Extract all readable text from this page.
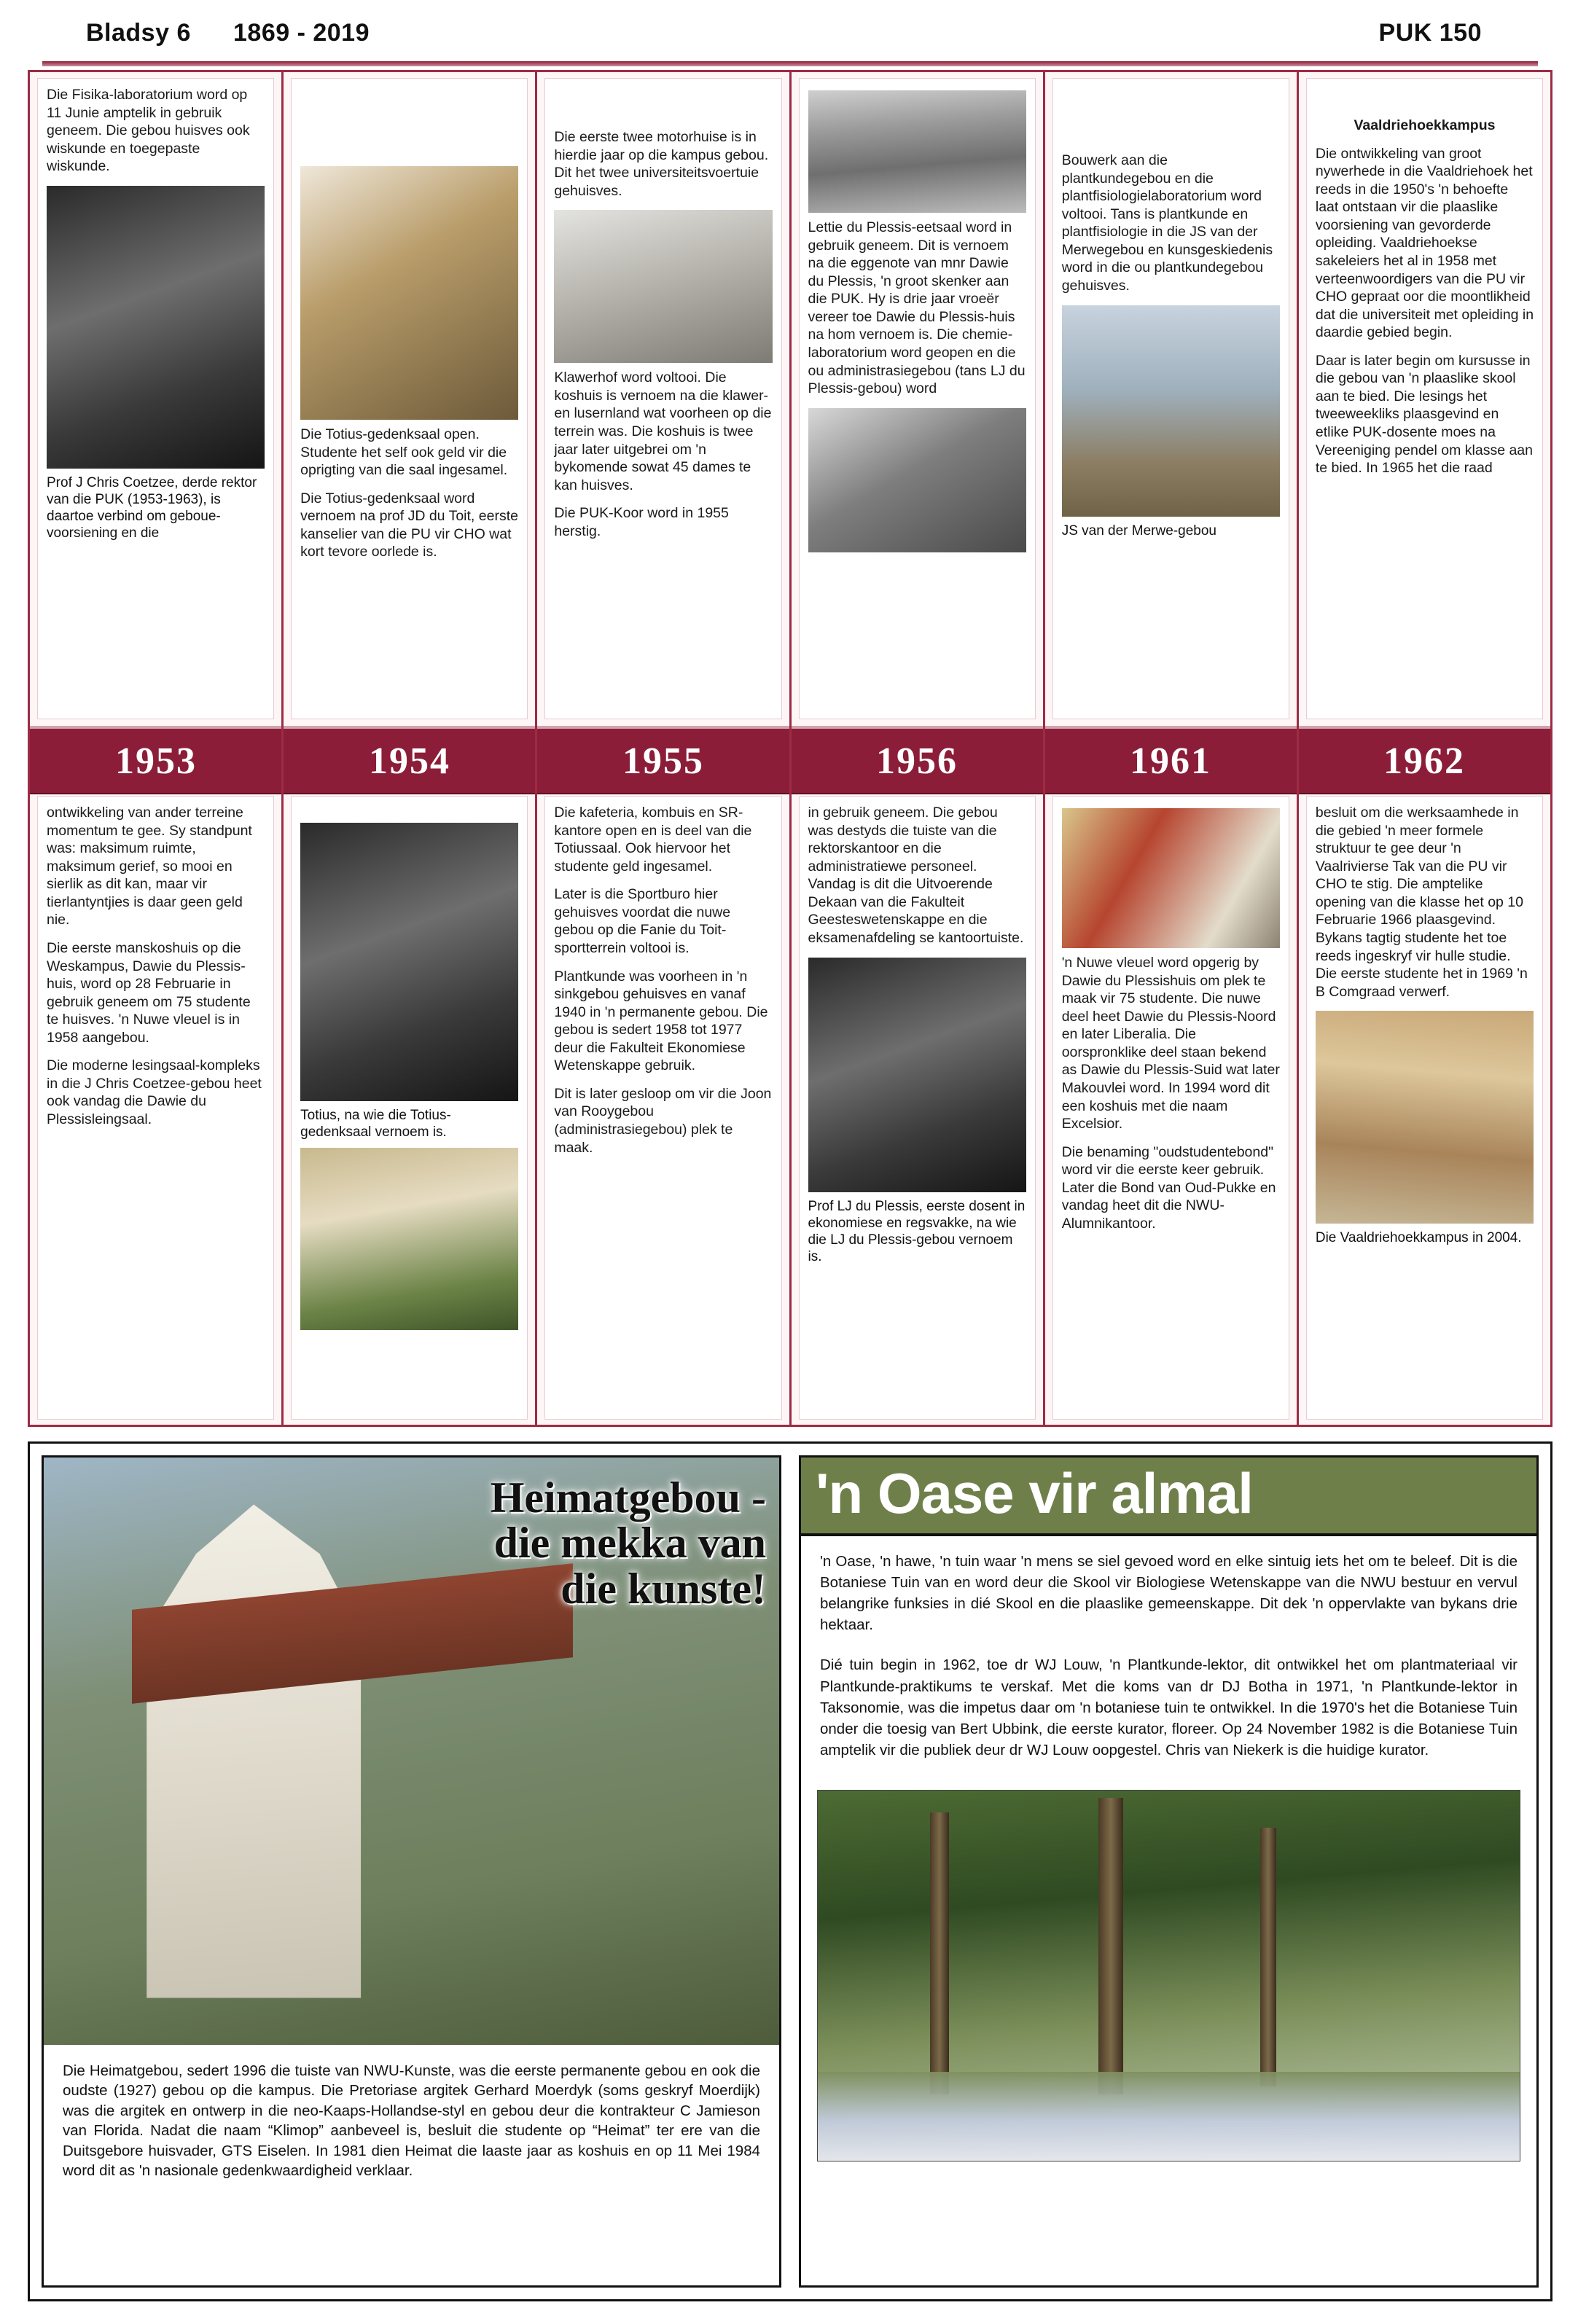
Bladsy 6 1869 - 2019	PUK 150

Die Fisika-laboratorium word op 11 Junie amptelik in gebruik geneem. Die gebou huisves ook wiskunde en toegepaste wiskunde.

Prof J Chris Coetzee, derde rektor van die PUK (1953-1963), is daartoe verbind om geboue-voorsiening en die

Die Totius-gedenksaal open. Studente het self ook geld vir die oprigting van die saal ingesamel.

Die Totius-gedenksaal word vernoem na prof JD du Toit, eerste kanselier van die PU vir CHO wat kort tevore oorlede is.

Die eerste twee motorhuise is in hierdie jaar op die kampus gebou. Dit het twee universiteitsvoertuie gehuisves.

Klawerhof word voltooi. Die koshuis is vernoem na die klawer- en lusernland wat voorheen op die terrein was. Die koshuis is twee jaar later uitgebrei om 'n bykomende sowat 45 dames te kan huisves.

Die PUK-Koor word in 1955 herstig.

Lettie du Plessis-eetsaal word in gebruik geneem. Dit is vernoem na die eggenote van mnr Dawie du Plessis, 'n groot skenker aan die PUK. Hy is drie jaar vroeër vereer toe Dawie du Plessis-huis na hom vernoem is. Die chemie-laboratorium word geopen en die ou administrasiegebou (tans LJ du Plessis-gebou) word

Bouwerk aan die plantkundegebou en die plantfisiologielaboratorium word voltooi. Tans is plantkunde en plantfisiologie in die JS van der Merwegebou en kunsgeskiedenis word in die ou plantkundegebou gehuisves.

JS van der Merwe-gebou

Vaaldriehoekkampus

Die ontwikkeling van groot nywerhede in die Vaaldriehoek het reeds in die 1950's 'n behoefte laat ontstaan vir die plaaslike voorsiening van gevorderde opleiding. Vaaldriehoekse sakeleiers het al in 1958 met verteenwoordigers van die PU vir CHO gepraat oor die moontlikheid dat die universiteit met opleiding in daardie gebied begin.

Daar is later begin om kursusse in die gebou van 'n plaaslike skool aan te bied. Die lesings het tweeweekliks plaasgevind en etlike PUK-dosente moes na Vereeniging pendel om klasse aan te bied. In 1965 het die raad

1953	1954	1955	1956	1961	1962

ontwikkeling van ander terreine momentum te gee. Sy standpunt was: maksimum ruimte, maksimum gerief, so mooi en sierlik as dit kan, maar vir tierlantyntjies is daar geen geld nie.

Die eerste manskoshuis op die Weskampus, Dawie du Plessis-huis, word op 28 Februarie in gebruik geneem om 75 studente te huisves. 'n Nuwe vleuel is in 1958 aangebou.

Die moderne lesingsaal-kompleks in die J Chris Coetzee-gebou heet ook vandag die Dawie du Plessisleingsaal.	Totius, na wie die Totius-gedenksaal vernoem is.

Die kafeteria, kombuis en SR-kantore open en is deel van die Totiussaal. Ook hiervoor het studente geld ingesamel.

Later is die Sportburo hier gehuisves voordat die nuwe gebou op die Fanie du Toit-sportterrein voltooi is.

Plantkunde was voorheen in 'n sinkgebou gehuisves en vanaf 1940 in 'n permanente gebou. Die gebou is sedert 1958 tot 1977 deur die Fakulteit Ekonomiese Wetenskappe gebruik.

Dit is later gesloop om vir die Joon van Rooygebou (administrasiegebou) plek te maak.

in gebruik geneem. Die gebou was destyds die tuiste van die rektorskantoor en die administratiewe personeel. Vandag is dit die Uitvoerende Dekaan van die Fakulteit Geesteswetenskappe en die eksamenafdeling se kantoortuiste.

Prof LJ du Plessis, eerste dosent in ekonomiese en regsvakke, na wie die LJ du Plessis-gebou vernoem is.

'n Nuwe vleuel word opgerig by Dawie du Plessishuis om plek te maak vir 75 studente. Die nuwe deel heet Dawie du Plessis-Noord en later Liberalia. Die oorspronklike deel staan bekend as Dawie du Plessis-Suid wat later Makouvlei word. In 1994 word dit een koshuis met die naam Excelsior.

Die benaming "oudstudentebond" word vir die eerste keer gebruik. Later die Bond van Oud-Pukke en vandag heet dit die NWU-Alumnikantoor.

besluit om die werksaamhede in die gebied 'n meer formele struktuur te gee deur 'n Vaalrivierse Tak van die PU vir CHO te stig. Die amptelike opening van die klasse het op 10 Februarie 1966 plaasgevind. Bykans tagtig studente het toe reeds ingeskryf vir hulle studie. Die eerste studente het in 1969 'n B Comgraad verwerf.

Die Vaaldriehoekkampus in 2004.

Heimatgebou -
die mekka van
die kunste!
Die Heimatgebou, sedert 1996 die tuiste van NWU-Kunste, was die eerste permanente gebou en ook die oudste (1927) gebou op die kampus. Die Pretoriase argitek Gerhard Moerdyk (soms geskryf Moerdijk) was die argitek en ontwerp in die neo-Kaaps-Hollandse-styl en gebou deur die kontrakteur C Jamieson van Florida. Nadat die naam “Klimop” aanbeveel is, besluit die studente op “Heimat” ter ere van die Duitsgebore huisvader, GTS Eiselen. In 1981 dien Heimat die laaste jaar as koshuis en op 11 Mei 1984 word dit as 'n nasionale gedenkwaardigheid verklaar.
'n Oase vir almal

'n Oase, 'n hawe, 'n tuin waar 'n mens se siel gevoed word en elke sintuig iets het om te beleef. Dit is die Botaniese Tuin van en word deur die Skool vir Biologiese Wetenskappe van die NWU bestuur en vervul belangrike funksies in dié Skool en die plaaslike gemeenskappe. Dit dek 'n oppervlakte van bykans drie hektaar.

Dié tuin begin in 1962, toe dr WJ Louw, 'n Plantkunde-lektor, dit ontwikkel het om plantmateriaal vir Plantkunde-praktikums te verskaf. Met die koms van dr DJ Botha in 1971, 'n Plantkunde-lektor in Taksonomie, was die impetus daar om 'n botaniese tuin te ontwikkel. In die 1970's het die Botaniese Tuin onder die toesig van Bert Ubbink, die eerste kurator, floreer. Op 24 November 1982 is die Botaniese Tuin amptelik vir die publiek deur dr WJ Louw oopgestel. Chris van Niekerk is die huidige kurator.
